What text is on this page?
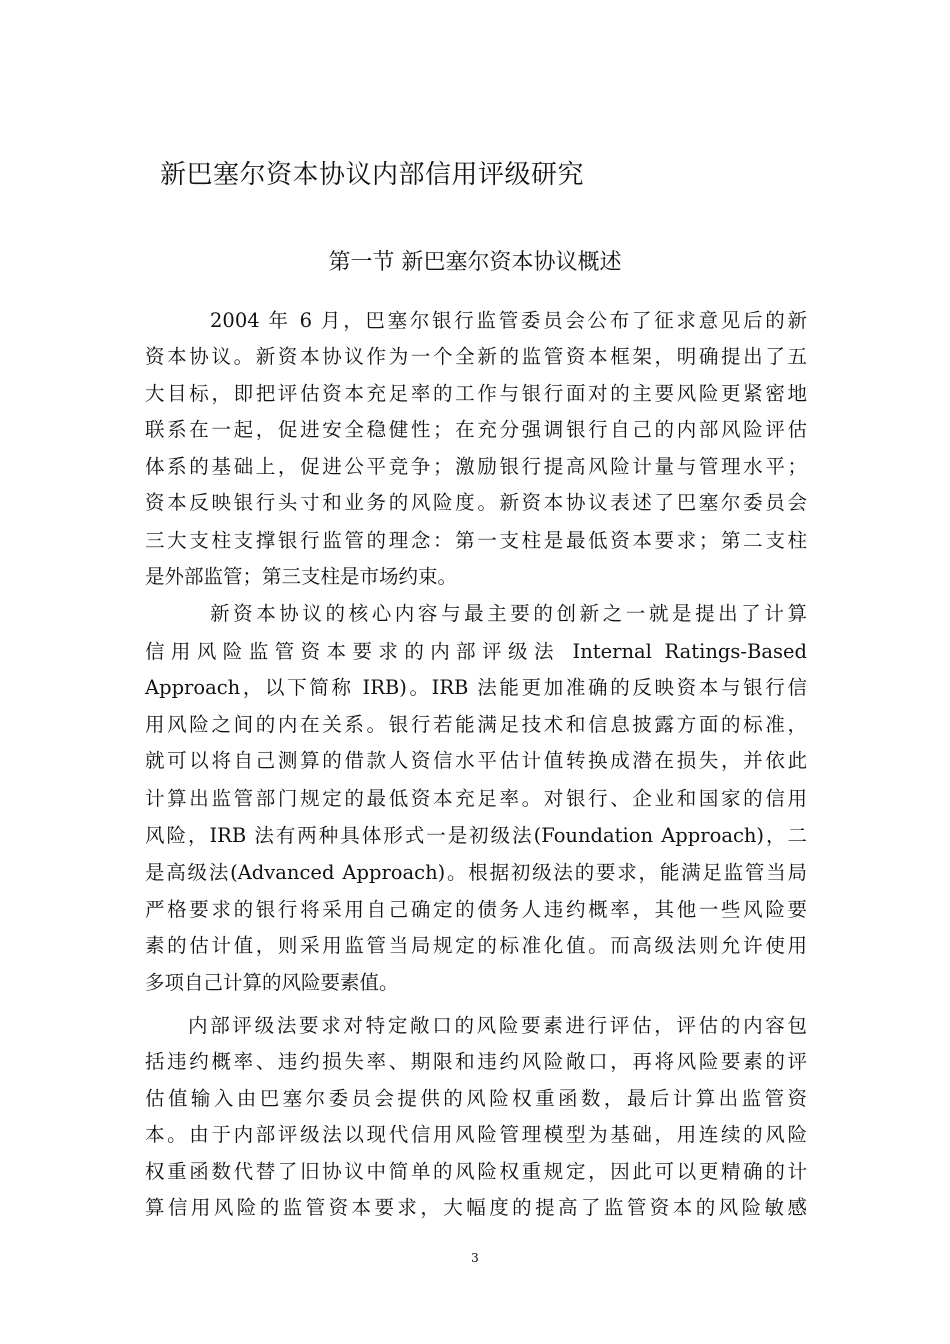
新巴塞尔资本协议内部信用评级研究
第一节 新巴塞尔资本协议概述

2004 年 6 月，巴塞尔银行监管委员会公布了征求意见后的新

资本协议。新资本协议作为一个全新的监管资本框架，明确提出了五

大目标，即把评估资本充足率的工作与银行面对的主要风险更紧密地

联系在一起，促进安全稳健性；在充分强调银行自己的内部风险评估

体系的基础上，促进公平竞争；激励银行提高风险计量与管理水平；

资本反映银行头寸和业务的风险度。新资本协议表述了巴塞尔委员会

三大支柱支撑银行监管的理念：第一支柱是最低资本要求；第二支柱

是外部监管；第三支柱是市场约束。

新资本协议的核心内容与最主要的创新之一就是提出了计算

信用风险监管资本要求的内部评级法 Internal Ratings-Based

Approach，以下简称 IRB)。IRB 法能更加准确的反映资本与银行信

用风险之间的内在关系。银行若能满足技术和信息披露方面的标准，

就可以将自己测算的借款人资信水平估计值转换成潜在损失，并依此

计算出监管部门规定的最低资本充足率。对银行、企业和国家的信用

风险，IRB 法有两种具体形式一是初级法(Foundation Approach)，二

是高级法(Advanced Approach)。根据初级法的要求，能满足监管当局

严格要求的银行将采用自己确定的债务人违约概率，其他一些风险要

素的估计值，则采用监管当局规定的标准化值。而高级法则允许使用

多项自己计算的风险要素值。

内部评级法要求对特定敞口的风险要素进行评估，评估的内容包

括违约概率、违约损失率、期限和违约风险敞口，再将风险要素的评

估值输入由巴塞尔委员会提供的风险权重函数，最后计算出监管资

本。由于内部评级法以现代信用风险管理模型为基础，用连续的风险

权重函数代替了旧协议中简单的风险权重规定，因此可以更精确的计

算信用风险的监管资本要求，大幅度的提高了监管资本的风险敏感

3
